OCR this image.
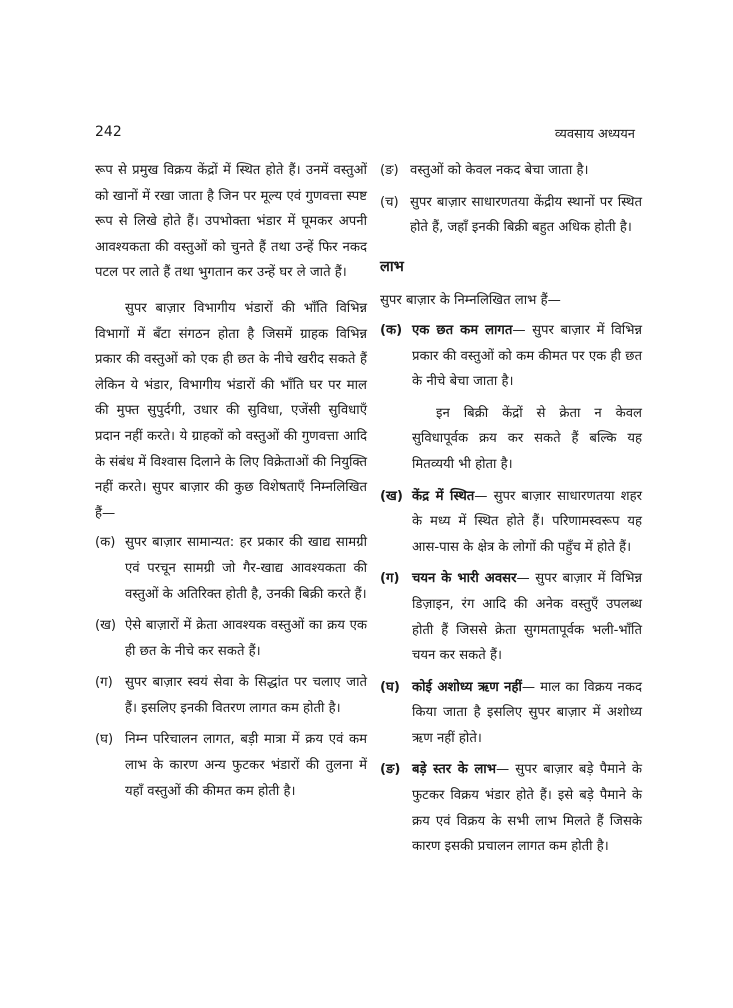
242	व्यवसाय अध्ययन

रूप से प्रमुख विक्रय केंद्रों में स्थित होते हैं। उनमें वस्तुओं को खानों में रखा जाता है जिन पर मूल्य एवं गुणवत्ता स्पष्ट रूप से लिखे होते हैं। उपभोक्ता भंडार में घूमकर अपनी आवश्यकता की वस्तुओं को चुनते हैं तथा उन्हें फिर नकद पटल पर लाते हैं तथा भुगतान कर उन्हें घर ले जाते हैं।

सुपर बाज़ार विभागीय भंडारों की भाँति विभिन्न विभागों में बँटा संगठन होता है जिसमें ग्राहक विभिन्न प्रकार की वस्तुओं को एक ही छत के नीचे खरीद सकते हैं लेकिन ये भंडार, विभागीय भंडारों की भाँति घर पर माल की मुफ्त सुपुर्दगी, उधार की सुविधा, एजेंसी सुविधाएँ प्रदान नहीं करते। ये ग्राहकों को वस्तुओं की गुणवत्ता आदि के संबंध में विश्वास दिलाने के लिए विक्रेताओं की नियुक्ति नहीं करते। सुपर बाज़ार की कुछ विशेषताएँ निम्नलिखित हैं—

(क) सुपर बाज़ार सामान्यत: हर प्रकार की खाद्य सामग्री एवं परचून सामग्री जो गैर-खाद्य आवश्यकता की वस्तुओं के अतिरिक्त होती है, उनकी बिक्री करते हैं।
(ख) ऐसे बाज़ारों में क्रेता आवश्यक वस्तुओं का क्रय एक ही छत के नीचे कर सकते हैं।
(ग) सुपर बाज़ार स्वयं सेवा के सिद्धांत पर चलाए जाते हैं। इसलिए इनकी वितरण लागत कम होती है।
(घ) निम्न परिचालन लागत, बड़ी मात्रा में क्रय एवं कम लाभ के कारण अन्य फुटकर भंडारों की तुलना में यहाँ वस्तुओं की कीमत कम होती है।
(ङ) वस्तुओं को केवल नकद बेचा जाता है।
(च) सुपर बाज़ार साधारणतया केंद्रीय स्थानों पर स्थित होते हैं, जहाँ इनकी बिक्री बहुत अधिक होती है।
लाभ

सुपर बाज़ार के निम्नलिखित लाभ हैं—

(क) एक छत कम लागत— सुपर बाज़ार में विभिन्न प्रकार की वस्तुओं को कम कीमत पर एक ही छत के नीचे बेचा जाता है।

इन बिक्री केंद्रों से क्रेता न केवल सुविधापूर्वक क्रय कर सकते हैं बल्कि यह मितव्ययी भी होता है।

(ख) केंद्र में स्थित— सुपर बाज़ार साधारणतया शहर के मध्य में स्थित होते हैं। परिणामस्वरूप यह आस-पास के क्षेत्र के लोगों की पहुँच में होते हैं।
(ग) चयन के भारी अवसर— सुपर बाज़ार में विभिन्न डिज़ाइन, रंग आदि की अनेक वस्तुएँ उपलब्ध होती हैं जिससे क्रेता सुगमतापूर्वक भली-भाँति चयन कर सकते हैं।
(घ) कोई अशोध्य ऋण नहीं— माल का विक्रय नकद किया जाता है इसलिए सुपर बाज़ार में अशोध्य ऋण नहीं होते।
(ङ) बड़े स्तर के लाभ— सुपर बाज़ार बड़े पैमाने के फुटकर विक्रय भंडार होते हैं। इसे बड़े पैमाने के क्रय एवं विक्रय के सभी लाभ मिलते हैं जिसके कारण इसकी प्रचालन लागत कम होती है।
